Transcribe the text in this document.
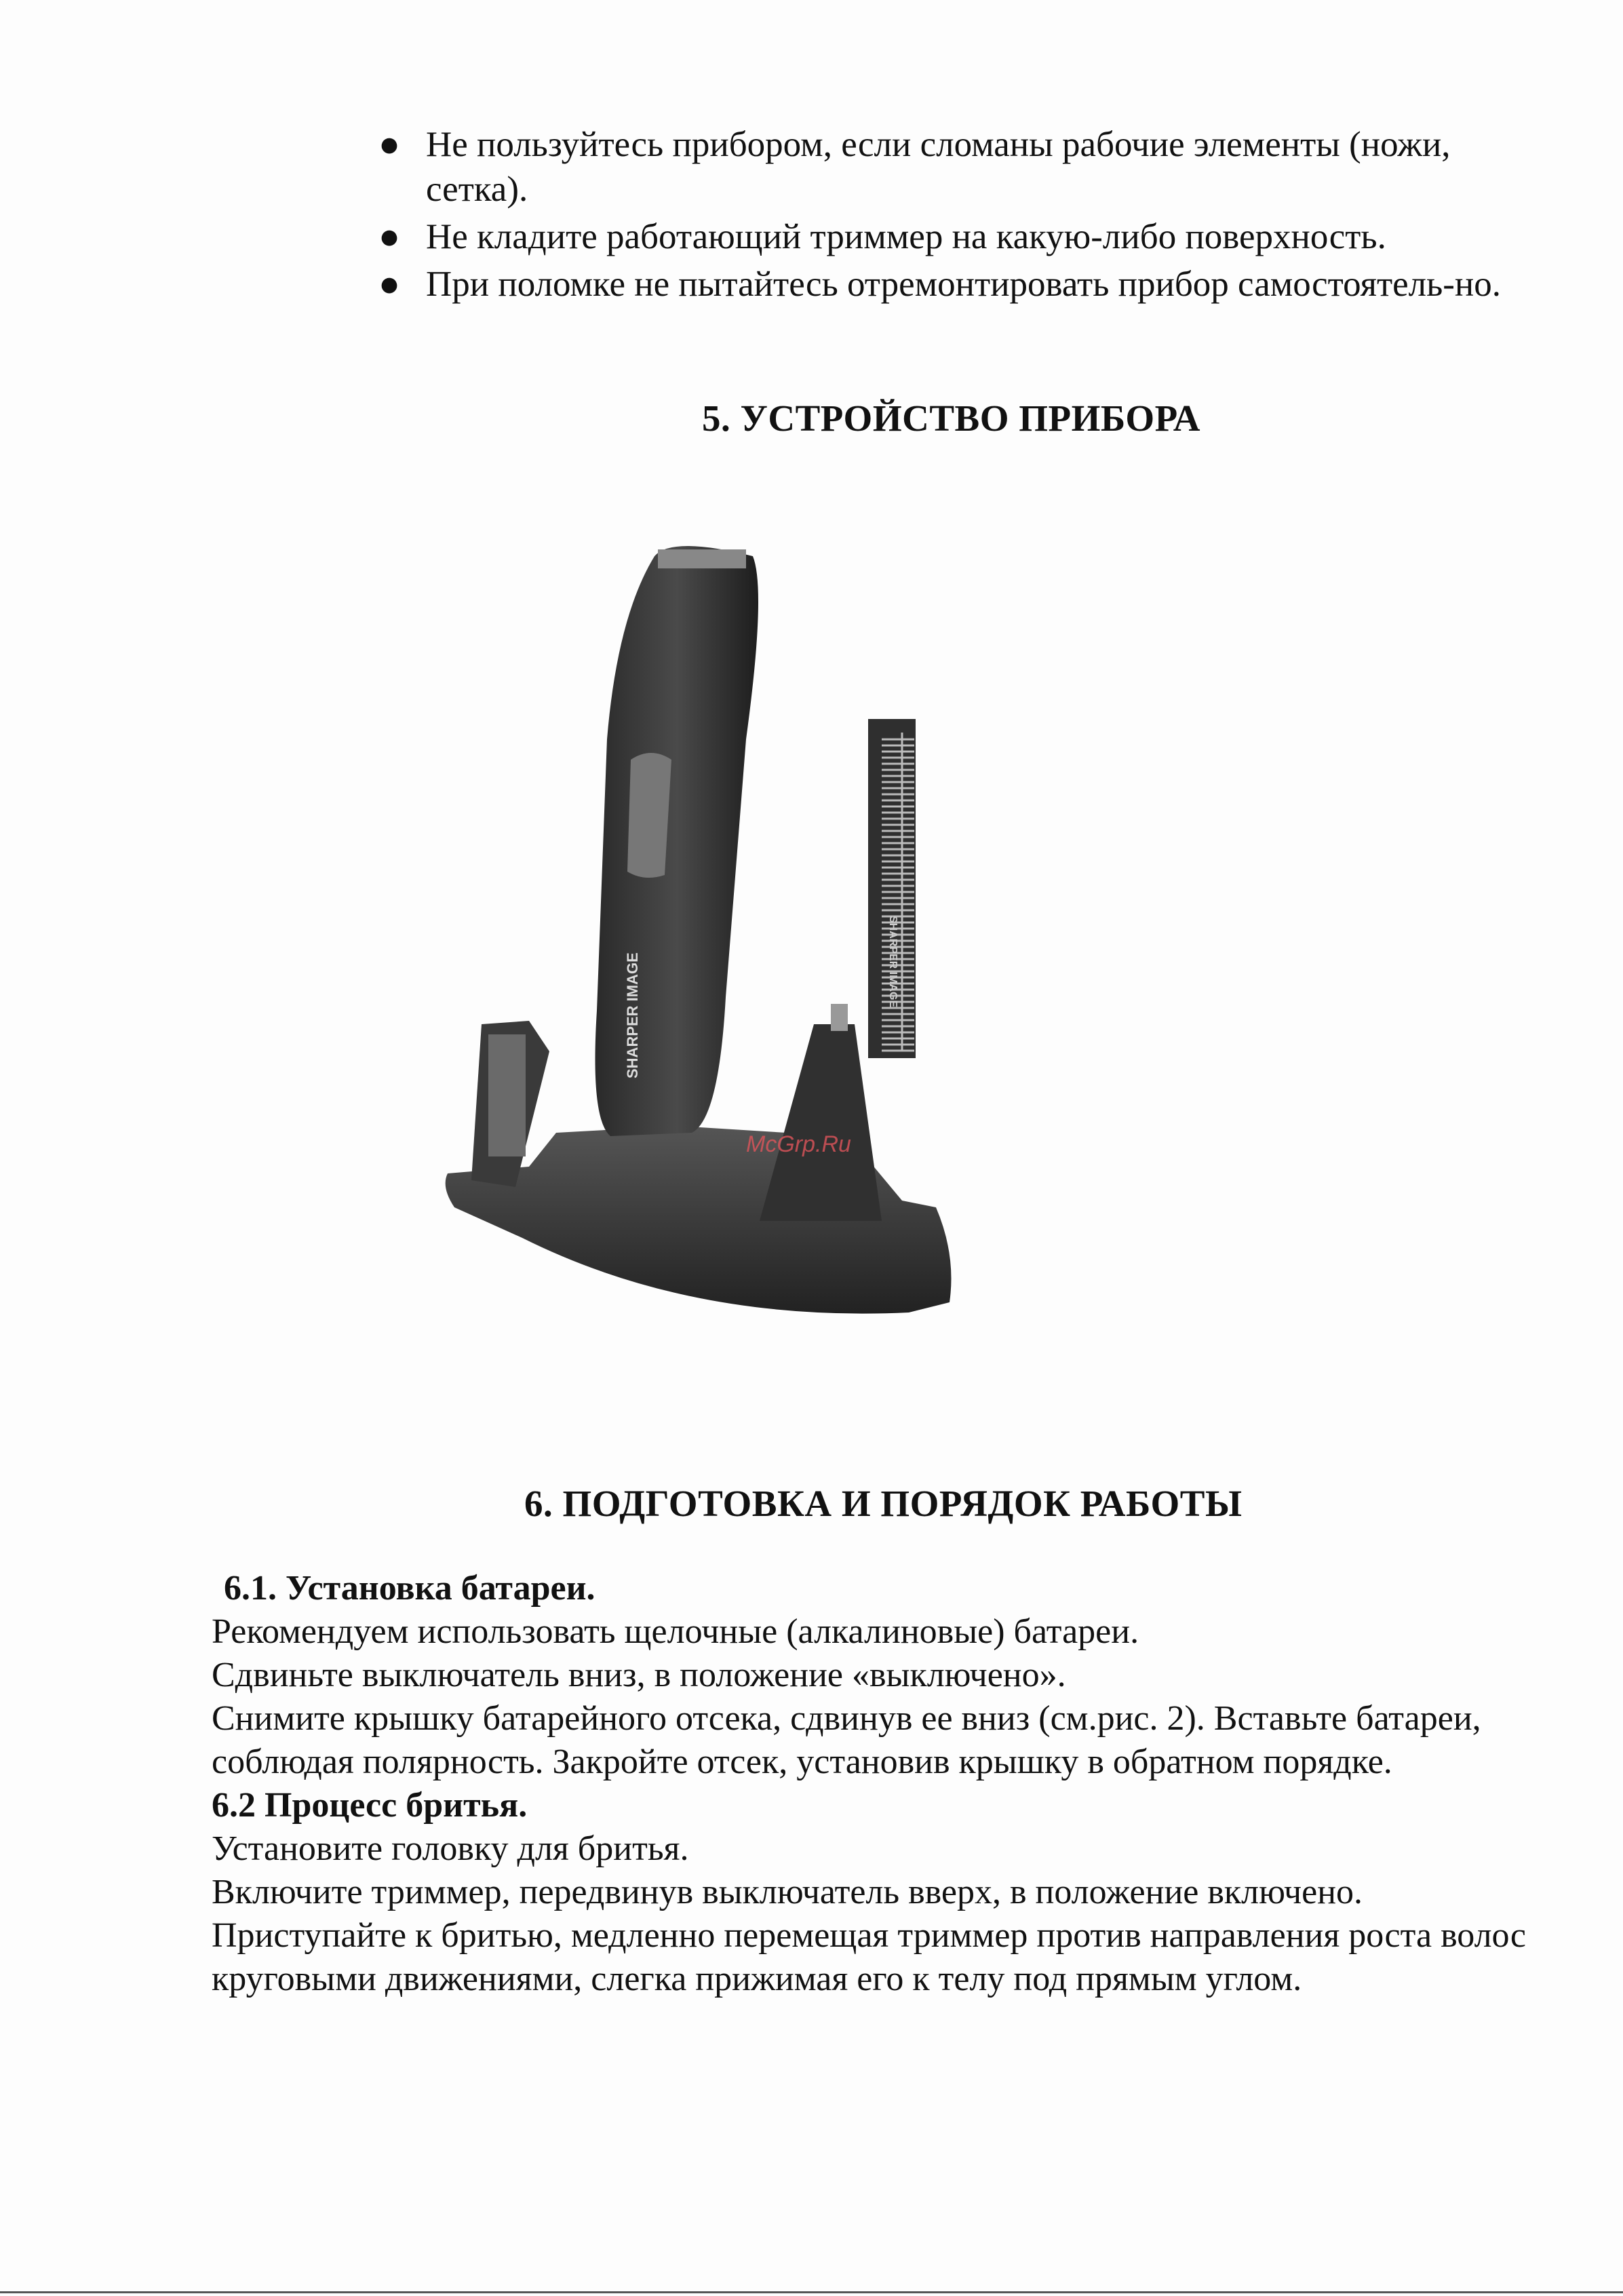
● Не пользуйтесь прибором, если сломаны рабочие элементы (ножи, сетка).
● Не кладите работающий триммер на какую-либо поверхность.
● При поломке не пытайтесь отремонтировать прибор самостоятель-но.
5. УСТРОЙСТВО ПРИБОРА
SHARPER IMAGE	SHARPER IMAGE
McGrp.Ru
6. ПОДГОТОВКА И ПОРЯДОК РАБОТЫ

6.1. Установка батареи.

Рекомендуем использовать щелочные (алкалиновые) батареи.

Сдвиньте выключатель вниз, в положение «выключено».

Снимите крышку батарейного отсека, сдвинув ее вниз (см.рис. 2). Вставьте батареи, соблюдая полярность. Закройте отсек, установив крышку в обратном порядке.

6.2 Процесс бритья.

Установите головку для бритья.

Включите триммер, передвинув выключатель вверх, в положение включено.

Приступайте к бритью, медленно перемещая триммер против направления роста волос круговыми движениями, слегка прижимая его к телу под прямым углом.
